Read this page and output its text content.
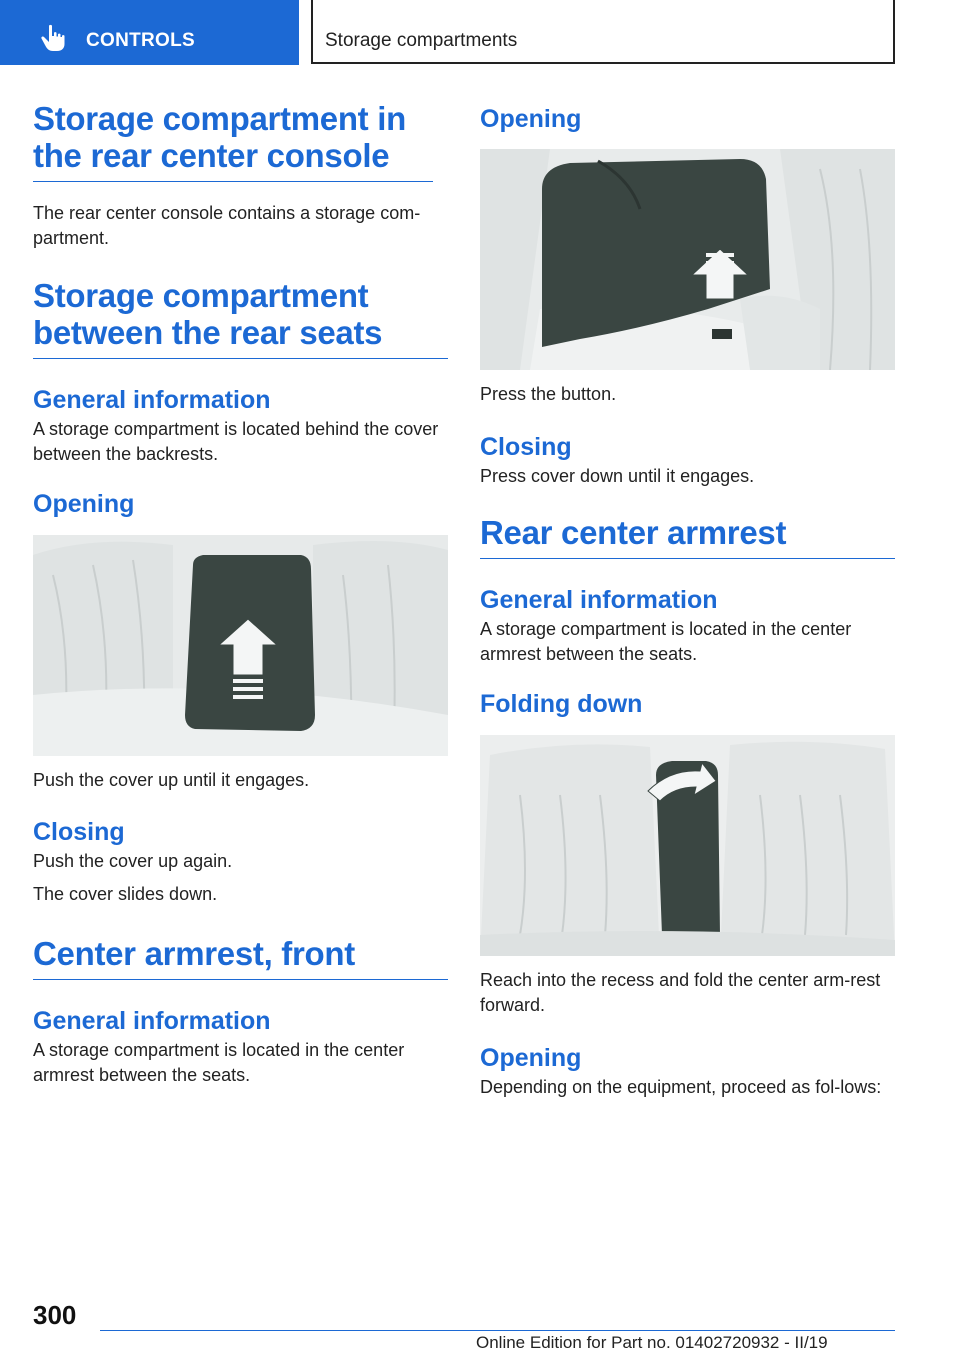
CONTROLS	Storage compartments
Storage compartment in the rear center console

The rear center console contains a storage com-partment.

Storage compartment between the rear seats
General information

A storage compartment is located behind the cover between the backrests.

Opening

Push the cover up until it engages.

Closing

Push the cover up again.

The cover slides down.

Center armrest, front
General information

A storage compartment is located in the center armrest between the seats.

Opening

Press the button.

Closing

Press cover down until it engages.

Rear center armrest
General information

A storage compartment is located in the center armrest between the seats.

Folding down

Reach into the recess and fold the center arm-rest forward.

Opening

Depending on the equipment, proceed as fol-lows:

300
Online Edition for Part no. 01402720932 - II/19
